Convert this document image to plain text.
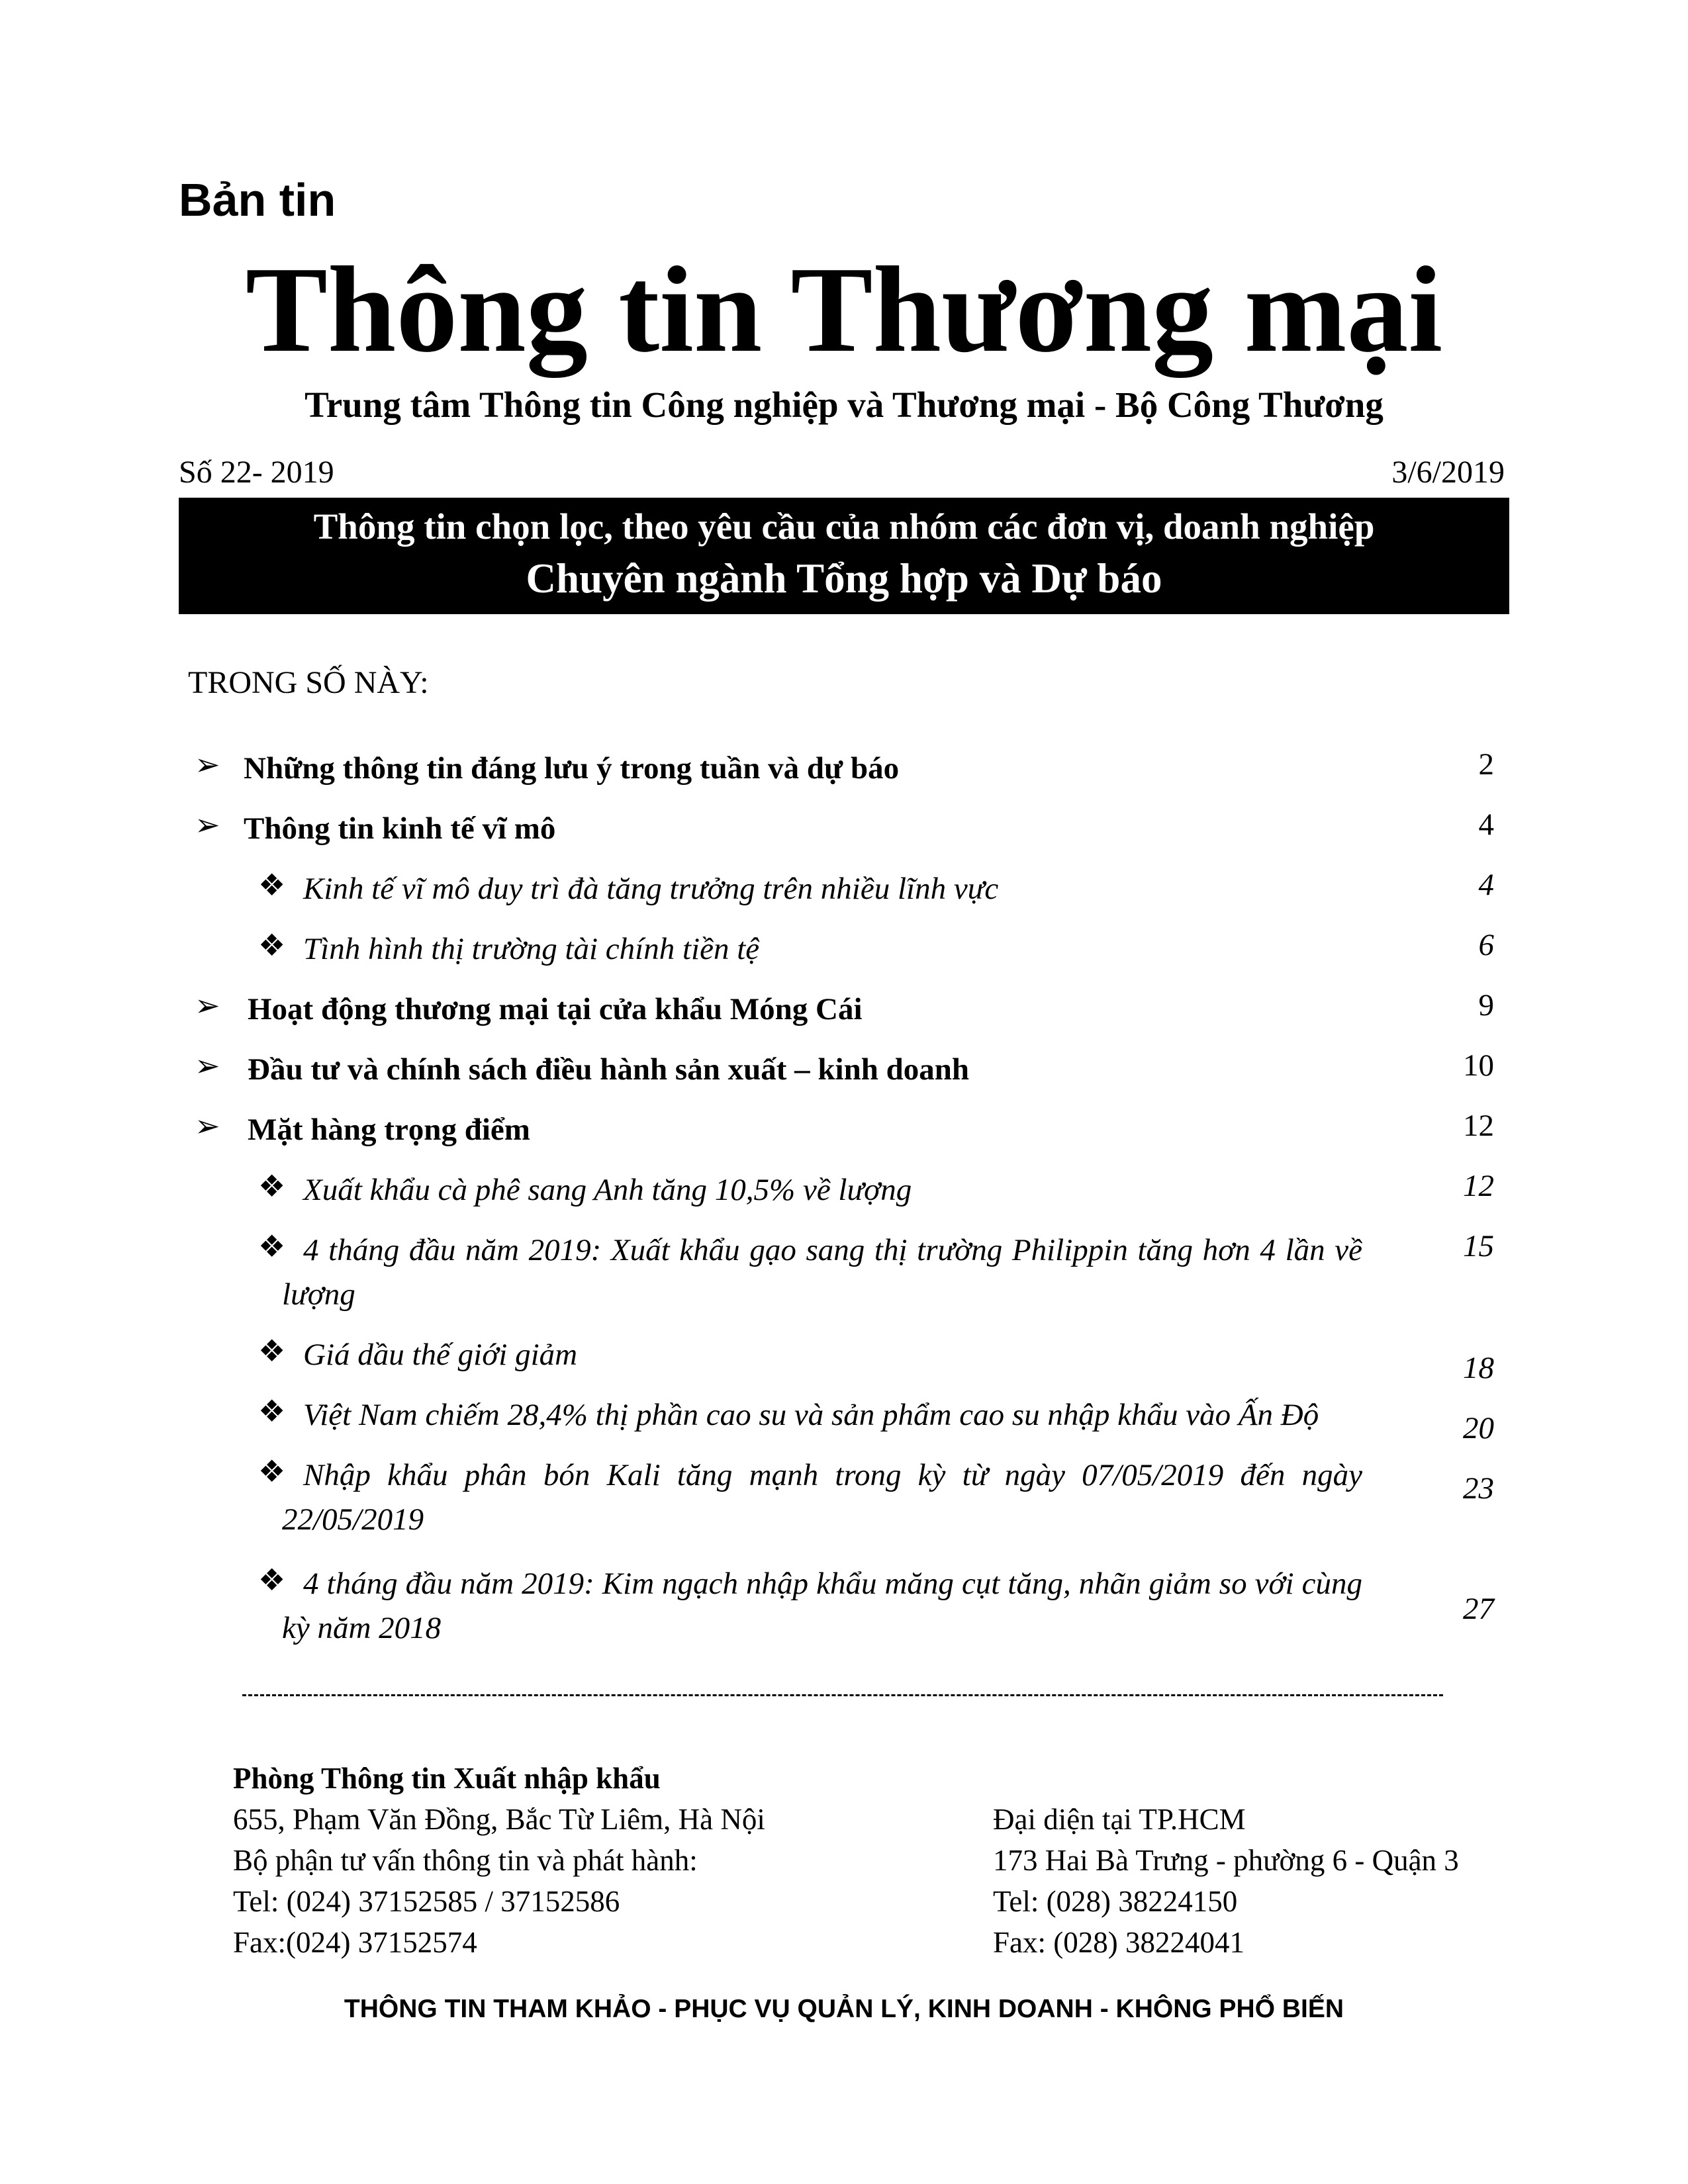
Bản tin
Thông tin Thương mại
Trung tâm Thông tin Công nghiệp và Thương mại - Bộ Công Thương
Số 22- 2019	3/6/2019
Thông tin chọn lọc, theo yêu cầu của nhóm các đơn vị, doanh nghiệp
Chuyên ngành Tổng hợp và Dự báo
TRONG SỐ NÀY:
➢ Những thông tin đáng lưu ý trong tuần và dự báo	2
➢ Thông tin kinh tế vĩ mô	4
❖ Kinh tế vĩ mô duy trì đà tăng trưởng trên nhiều lĩnh vực	4
❖ Tình hình thị trường tài chính tiền tệ	6
➢ Hoạt động thương mại tại cửa khẩu Móng Cái	9
➢ Đầu tư và chính sách điều hành sản xuất – kinh doanh	10
➢ Mặt hàng trọng điểm	12
❖ Xuất khẩu cà phê sang Anh tăng 10,5% về lượng	12
❖ 4 tháng đầu năm 2019: Xuất khẩu gạo sang thị trường Philippin tăng hơn 4 lần về lượng
15
❖ Giá dầu thế giới giảm	18
❖ Việt Nam chiếm 28,4% thị phần cao su và sản phẩm cao su nhập khẩu vào Ấn Độ	20
❖ Nhập khẩu phân bón Kali tăng mạnh trong kỳ từ ngày 07/05/2019 đến ngày 22/05/2019
23
❖ 4 tháng đầu năm 2019: Kim ngạch nhập khẩu măng cụt tăng, nhãn giảm so với cùng kỳ năm 2018
27
Phòng Thông tin Xuất nhập khẩu
655, Phạm Văn Đồng, Bắc Từ Liêm, Hà Nội
Bộ phận tư vấn thông tin và phát hành:
Tel: (024) 37152585 / 37152586
Fax:(024) 37152574
Đại diện tại TP.HCM
173 Hai Bà Trưng - phường 6 - Quận 3
Tel: (028) 38224150
Fax: (028) 38224041
THÔNG TIN THAM KHẢO - PHỤC VỤ QUẢN LÝ, KINH DOANH - KHÔNG PHỔ BIẾN
